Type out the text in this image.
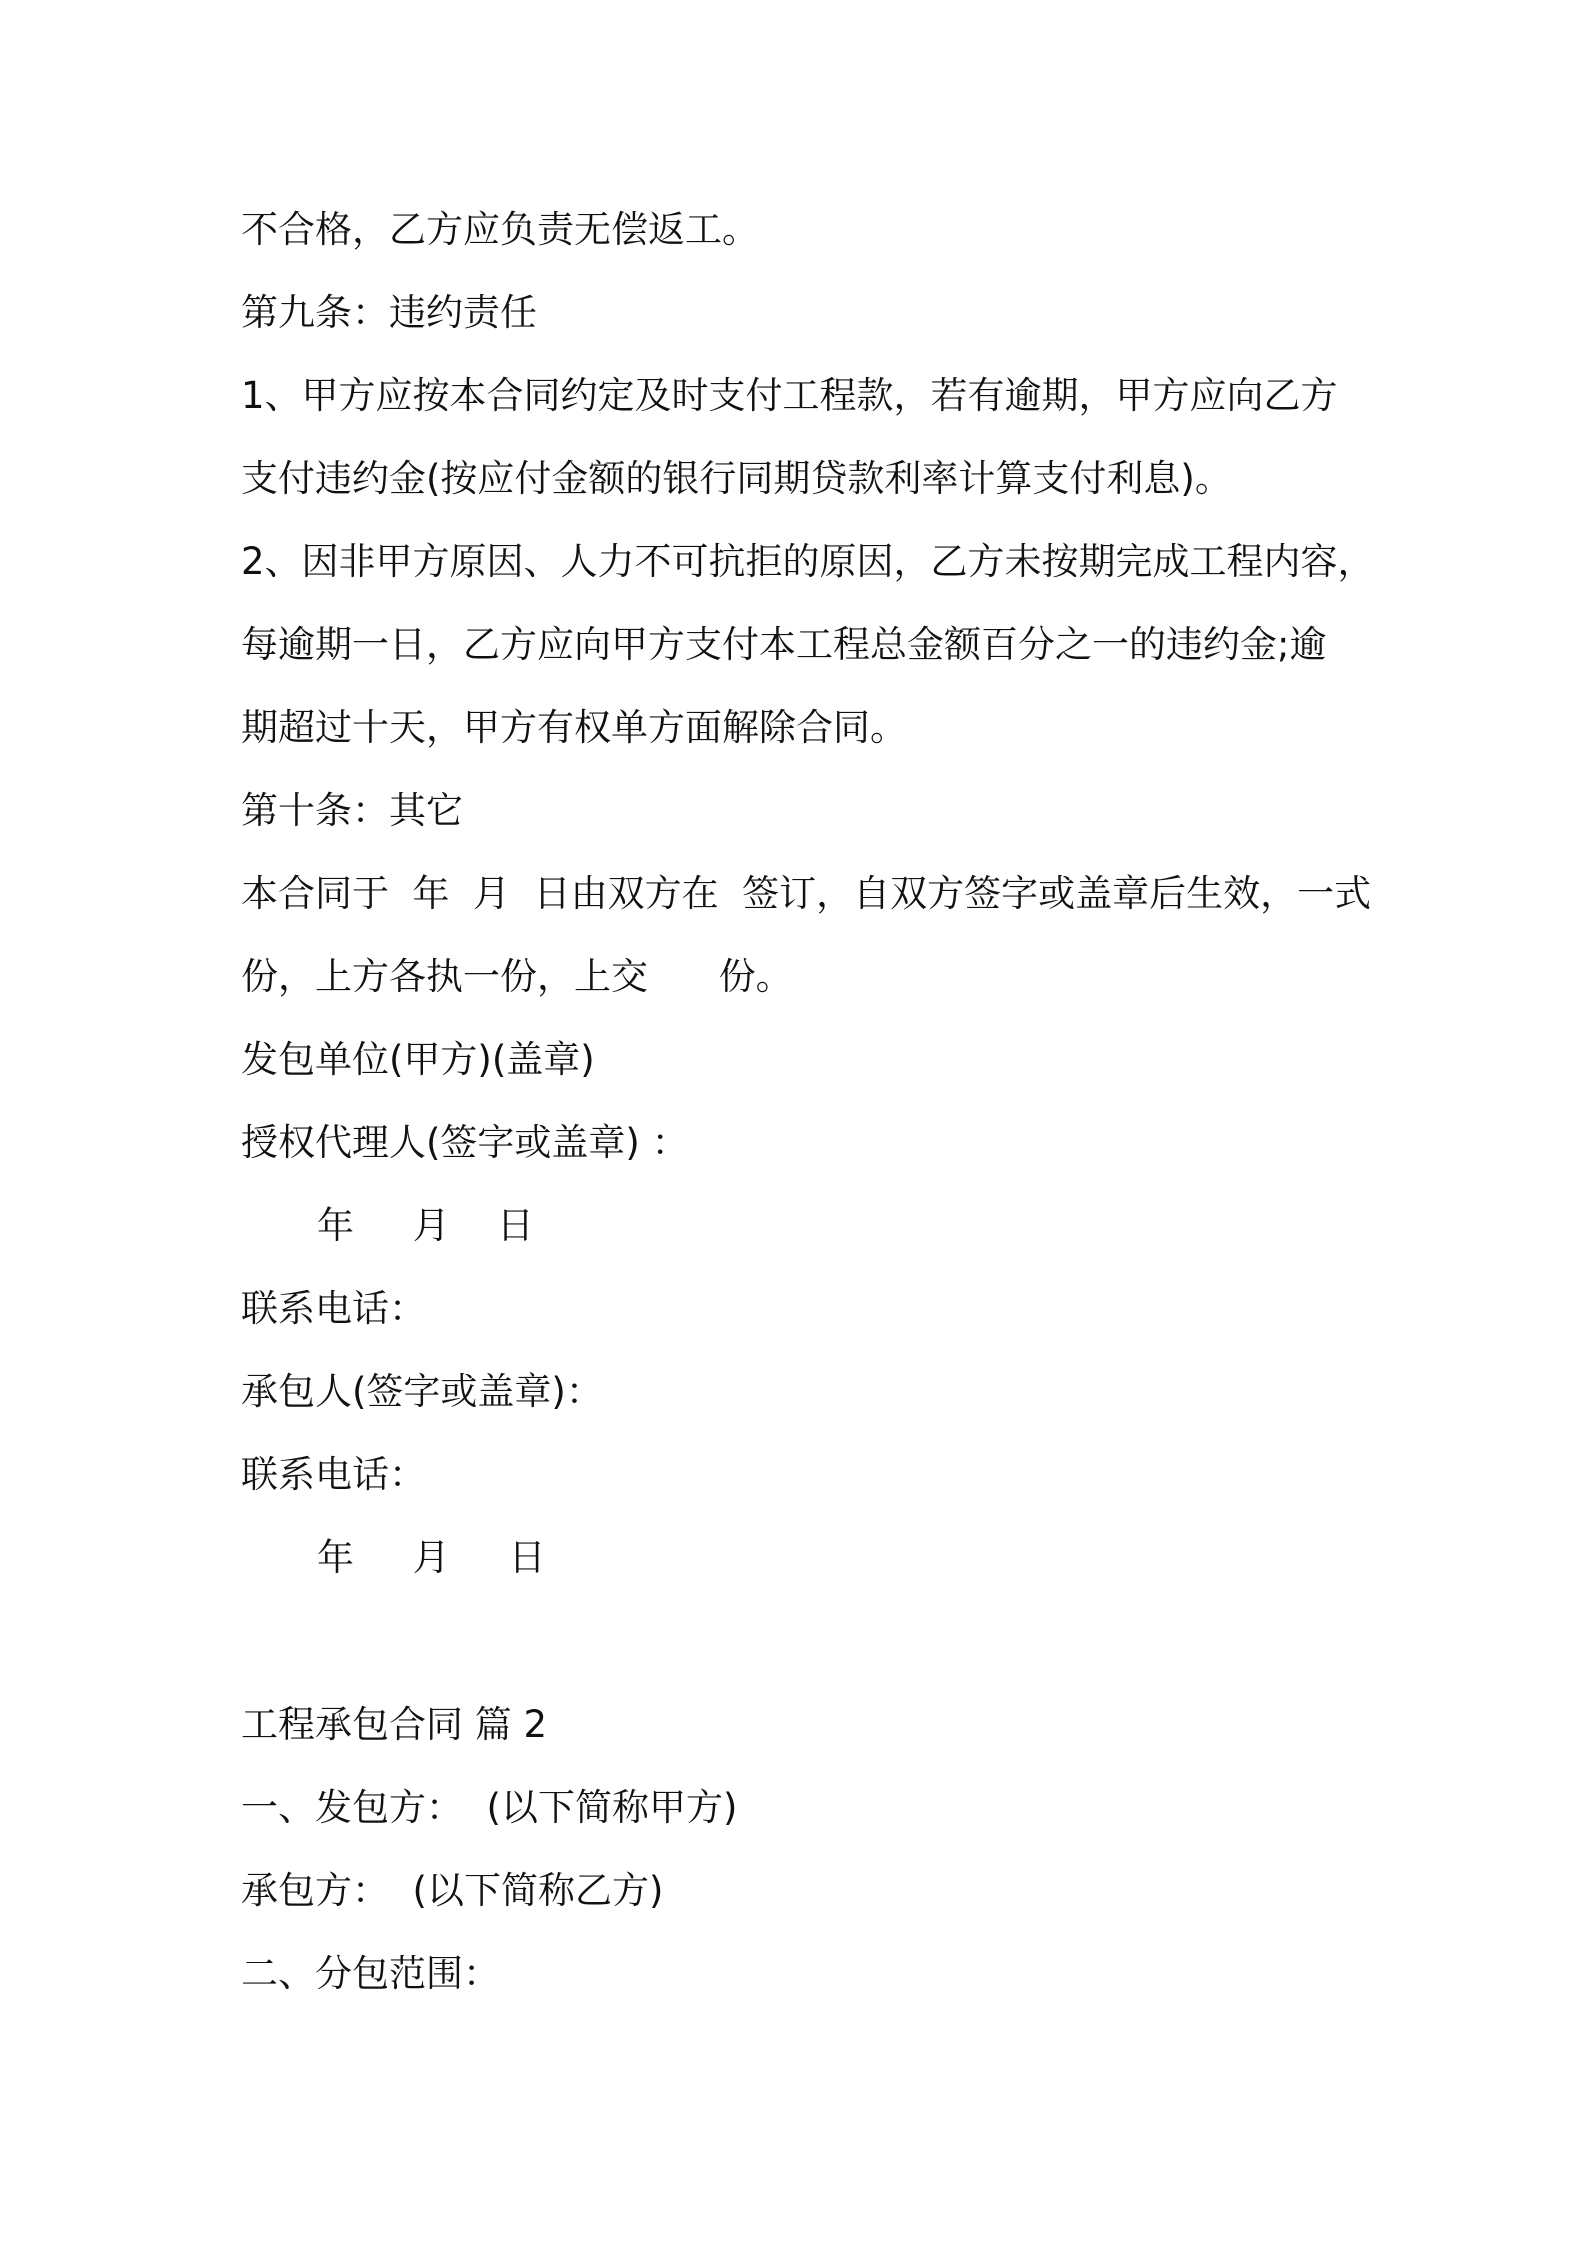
不合格，乙方应负责无偿返工。

第九条：违约责任

1、甲方应按本合同约定及时支付工程款，若有逾期，甲方应向乙方

支付违约金(按应付金额的银行同期贷款利率计算支付利息)。

2、因非甲方原因、人力不可抗拒的原因，乙方未按期完成工程内容，

每逾期一日，乙方应向甲方支付本工程总金额百分之一的违约金;逾

期超过十天，甲方有权单方面解除合同。

第十条：其它

本合同于  年  月  日由双方在  签订，自双方签字或盖章后生效，一式

份，上方各执一份，上交      份。

发包单位(甲方)(盖章)

授权代理人(签字或盖章) ：

年     月    日

联系电话：

承包人(签字或盖章)：

联系电话：

年     月     日

工程承包合同 篇 2

一、发包方：  (以下简称甲方)

承包方：  (以下简称乙方)

二、分包范围：
